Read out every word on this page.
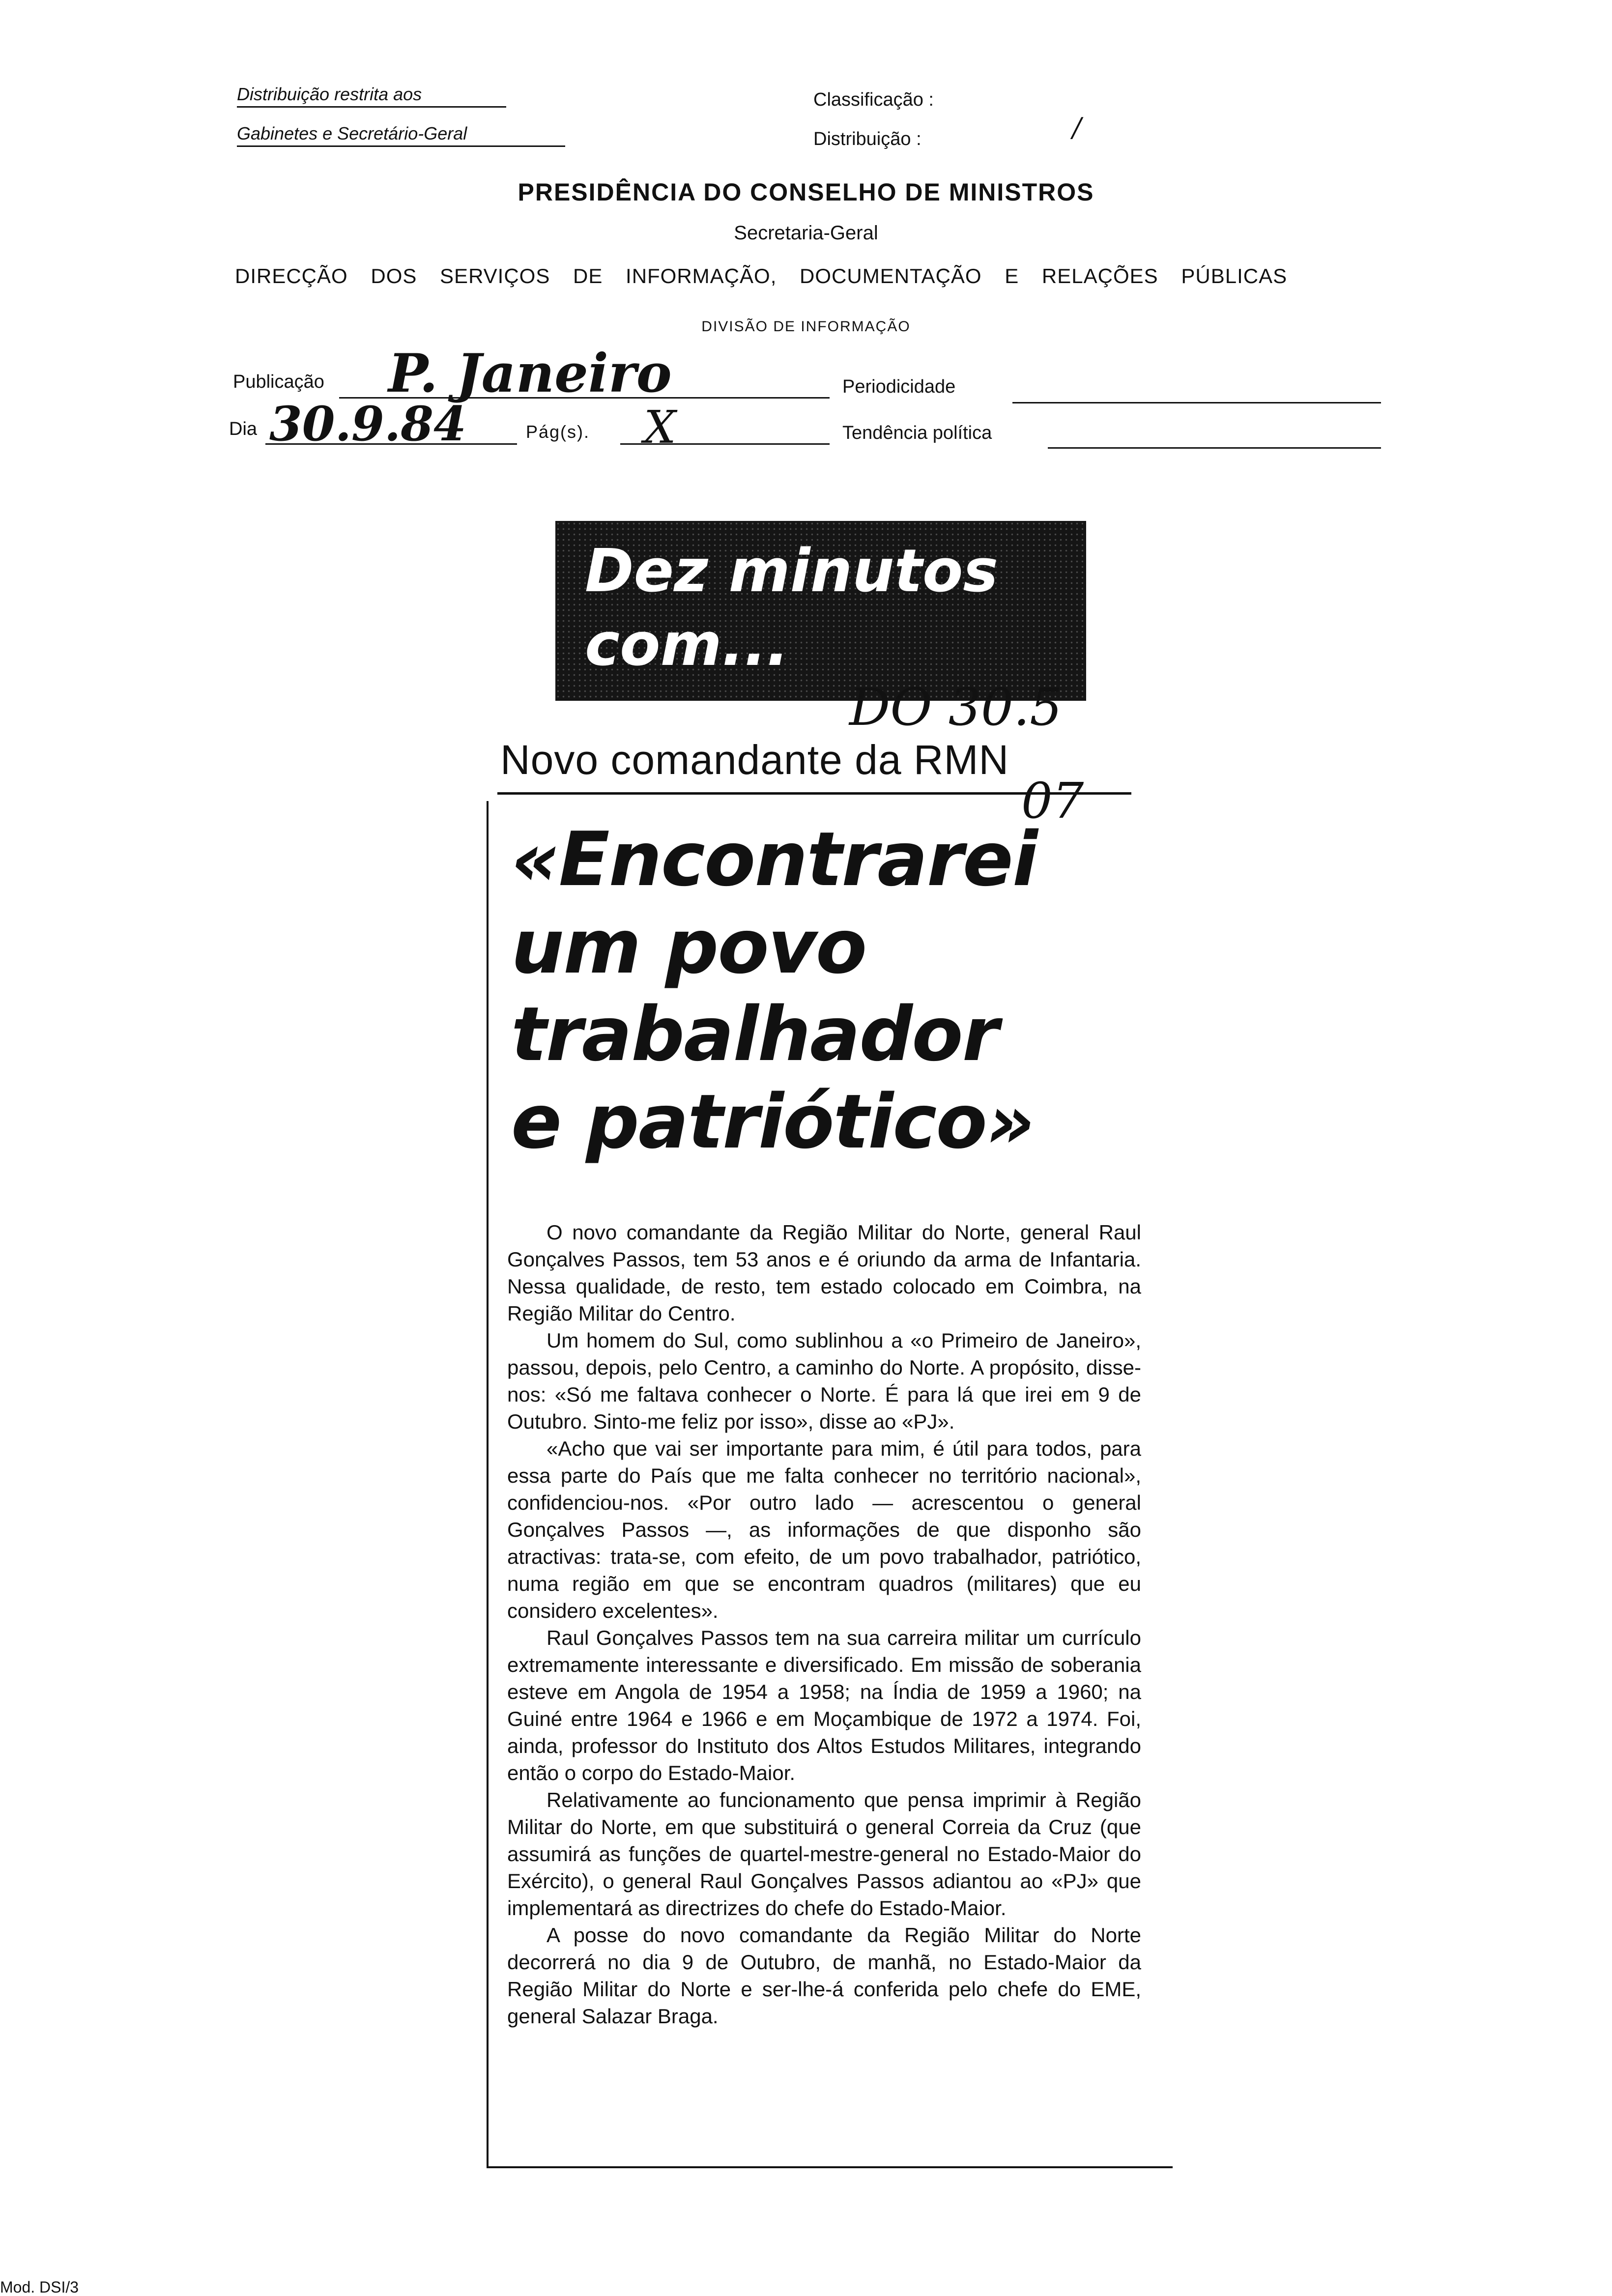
Distribuição restrita aos
Gabinetes e Secretário-Geral
Classificação :
Distribuição :	/
PRESIDÊNCIA DO CONSELHO DE MINISTROS
Secretaria-Geral
DIRECÇÃO DOS SERVIÇOS DE INFORMAÇÃO, DOCUMENTAÇÃO E RELAÇÕES PÚBLICAS
DIVISÃO DE INFORMAÇÃO
Publicação P. Janeiro
Dia 30.9.84	Pág(s). X
Periodicidade
Tendência política
Dez minutos com...
DO 30.5
Novo comandante da RMN
07
«Encontrarei
um povo
trabalhador
e patriótico»

O novo comandante da Região Militar do Norte, general Raul Gonçalves Passos, tem 53 anos e é oriundo da arma de Infantaria. Nessa qualidade, de resto, tem estado colocado em Coimbra, na Região Militar do Centro.

Um homem do Sul, como sublinhou a «o Primeiro de Janeiro», passou, depois, pelo Centro, a caminho do Norte. A propósito, disse-nos: «Só me faltava conhecer o Norte. É para lá que irei em 9 de Outubro. Sinto-me feliz por isso», disse ao «PJ».

«Acho que vai ser importante para mim, é útil para todos, para essa parte do País que me falta conhecer no território nacional», confidenciou-nos. «Por outro lado — acrescentou o general Gonçalves Passos —, as informações de que disponho são atractivas: trata-se, com efeito, de um povo trabalhador, patriótico, numa região em que se encontram quadros (militares) que eu considero excelentes».

Raul Gonçalves Passos tem na sua carreira militar um currículo extremamente interessante e diversificado. Em missão de soberania esteve em Angola de 1954 a 1958; na Índia de 1959 a 1960; na Guiné entre 1964 e 1966 e em Moçambique de 1972 a 1974. Foi, ainda, professor do Instituto dos Altos Estudos Militares, integrando então o corpo do Estado-Maior.

Relativamente ao funcionamento que pensa imprimir à Região Militar do Norte, em que substituirá o general Correia da Cruz (que assumirá as funções de quartel-mestre-general no Estado-Maior do Exército), o general Raul Gonçalves Passos adiantou ao «PJ» que implementará as directrizes do chefe do Estado-Maior.

A posse do novo comandante da Região Militar do Norte decorrerá no dia 9 de Outubro, de manhã, no Estado-Maior da Região Militar do Norte e ser-lhe-á conferida pelo chefe do EME, general Salazar Braga.

Mod. DSI/3
